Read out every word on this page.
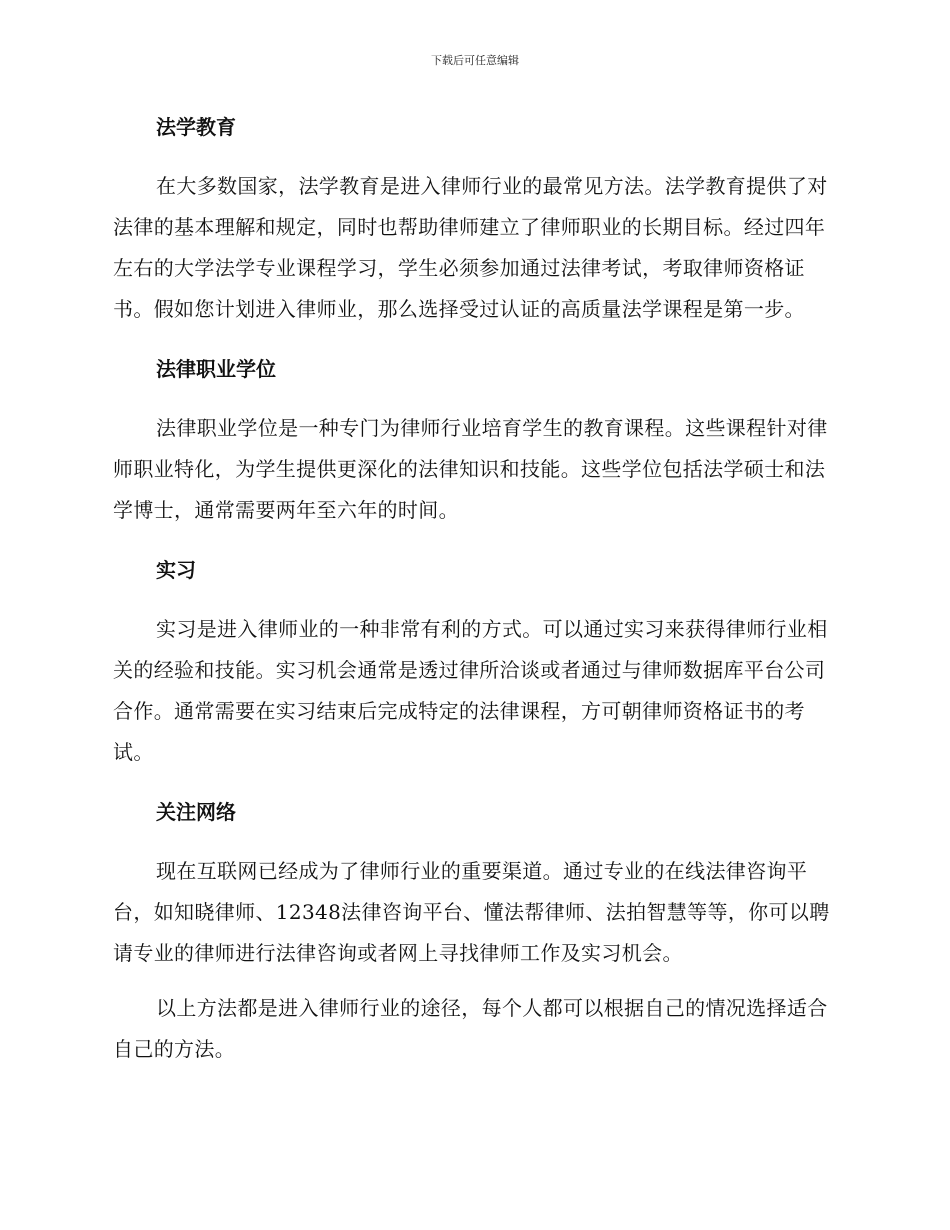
下载后可任意编辑
法学教育

在大多数国家，法学教育是进入律师行业的最常见方法。法学教育提供了对法律的基本理解和规定，同时也帮助律师建立了律师职业的长期目标。经过四年左右的大学法学专业课程学习，学生必须参加通过法律考试，考取律师资格证书。假如您计划进入律师业，那么选择受过认证的高质量法学课程是第一步。

法律职业学位

法律职业学位是一种专门为律师行业培育学生的教育课程。这些课程针对律师职业特化，为学生提供更深化的法律知识和技能。这些学位包括法学硕士和法学博士，通常需要两年至六年的时间。

实习

实习是进入律师业的一种非常有利的方式。可以通过实习来获得律师行业相关的经验和技能。实习机会通常是透过律所洽谈或者通过与律师数据库平台公司合作。通常需要在实习结束后完成特定的法律课程，方可朝律师资格证书的考试。

关注网络

现在互联网已经成为了律师行业的重要渠道。通过专业的在线法律咨询平台，如知晓律师、12348法律咨询平台、懂法帮律师、法拍智慧等等，你可以聘请专业的律师进行法律咨询或者网上寻找律师工作及实习机会。

以上方法都是进入律师行业的途径，每个人都可以根据自己的情况选择适合自己的方法。
